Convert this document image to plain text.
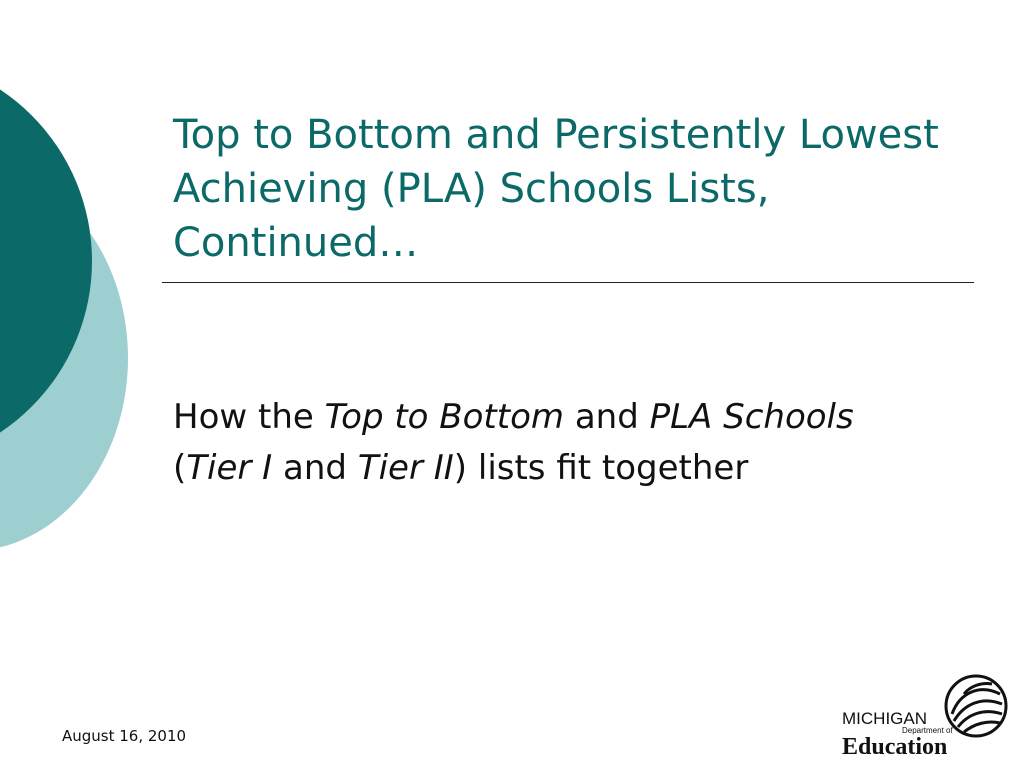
Top to Bottom and Persistently Lowest Achieving (PLA) Schools Lists, Continued…

How the Top to Bottom and PLA Schools (Tier I and Tier II) lists fit together

August 16, 2010
MICHIGAN
Department of
Education
